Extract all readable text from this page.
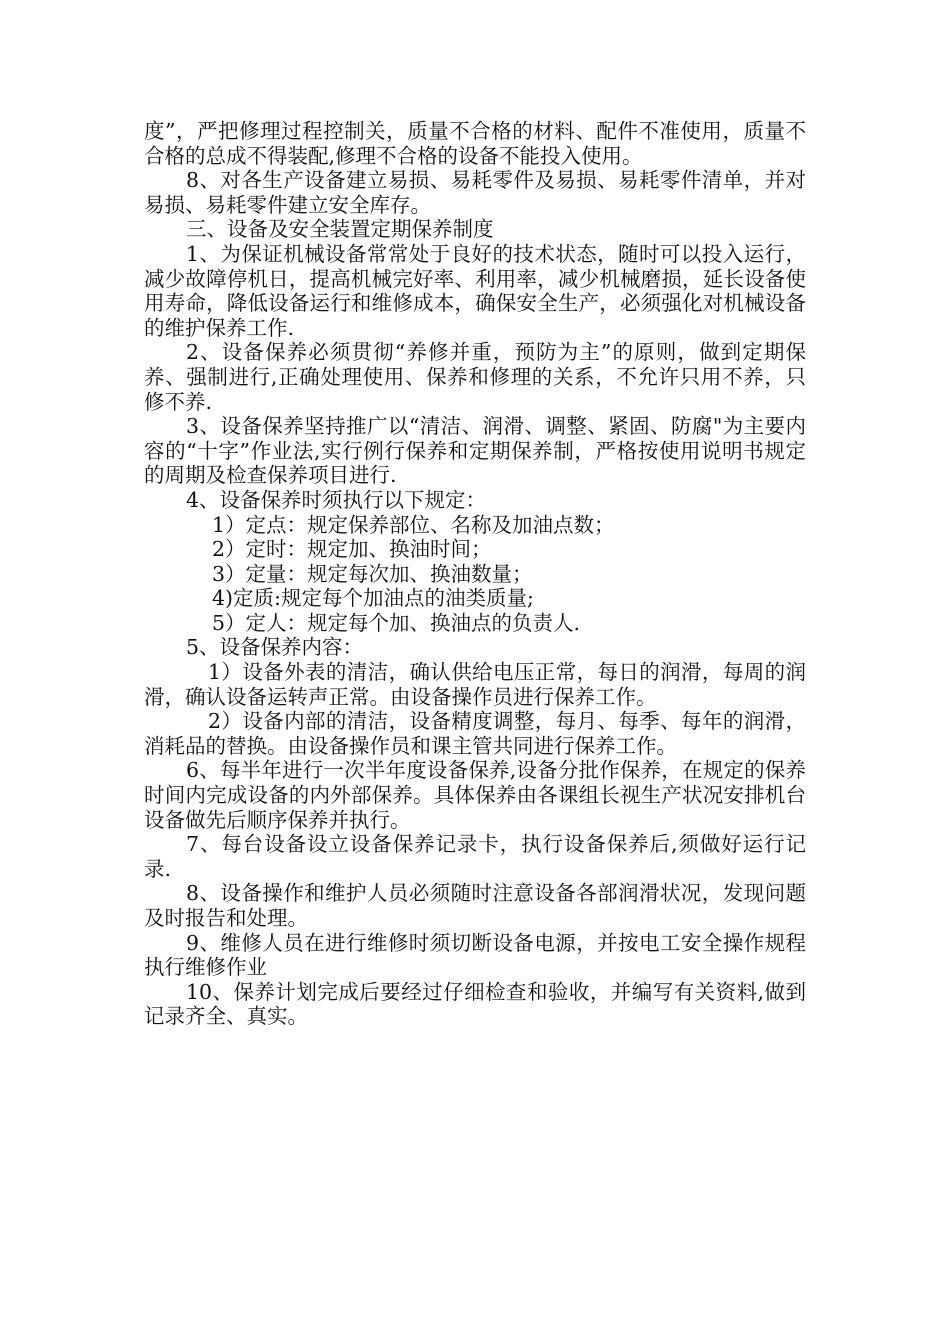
度”，严把修理过程控制关，质量不合格的材料、配件不准使用，质量不合格的总成不得装配,修理不合格的设备不能投入使用。

8、对各生产设备建立易损、易耗零件及易损、易耗零件清单，并对易损、易耗零件建立安全库存。

三、设备及安全装置定期保养制度

1、为保证机械设备常常处于良好的技术状态，随时可以投入运行，减少故障停机日，提高机械完好率、利用率，减少机械磨损，延长设备使用寿命，降低设备运行和维修成本，确保安全生产，必须强化对机械设备的维护保养工作.

2、设备保养必须贯彻“养修并重，预防为主”的原则，做到定期保养、强制进行,正确处理使用、保养和修理的关系，不允许只用不养，只修不养.

3、设备保养坚持推广以“清洁、润滑、调整、紧固、防腐"为主要内容的“十字”作业法,实行例行保养和定期保养制，严格按使用说明书规定的周期及检查保养项目进行.

4、设备保养时须执行以下规定：

1）定点：规定保养部位、名称及加油点数；

2）定时：规定加、换油时间；

3）定量：规定每次加、换油数量；

4)定质:规定每个加油点的油类质量;

5）定人：规定每个加、换油点的负责人.

5、设备保养内容：

1）设备外表的清洁，确认供给电压正常，每日的润滑，每周的润滑，确认设备运转声正常。由设备操作员进行保养工作。

2）设备内部的清洁，设备精度调整，每月、每季、每年的润滑，消耗品的替换。由设备操作员和课主管共同进行保养工作。

6、每半年进行一次半年度设备保养,设备分批作保养，在规定的保养时间内完成设备的内外部保养。具体保养由各课组长视生产状况安排机台设备做先后顺序保养并执行。

7、每台设备设立设备保养记录卡，执行设备保养后,须做好运行记录.

8、设备操作和维护人员必须随时注意设备各部润滑状况，发现问题及时报告和处理。

9、维修人员在进行维修时须切断设备电源，并按电工安全操作规程执行维修作业

10、保养计划完成后要经过仔细检查和验收，并编写有关资料,做到记录齐全、真实。
